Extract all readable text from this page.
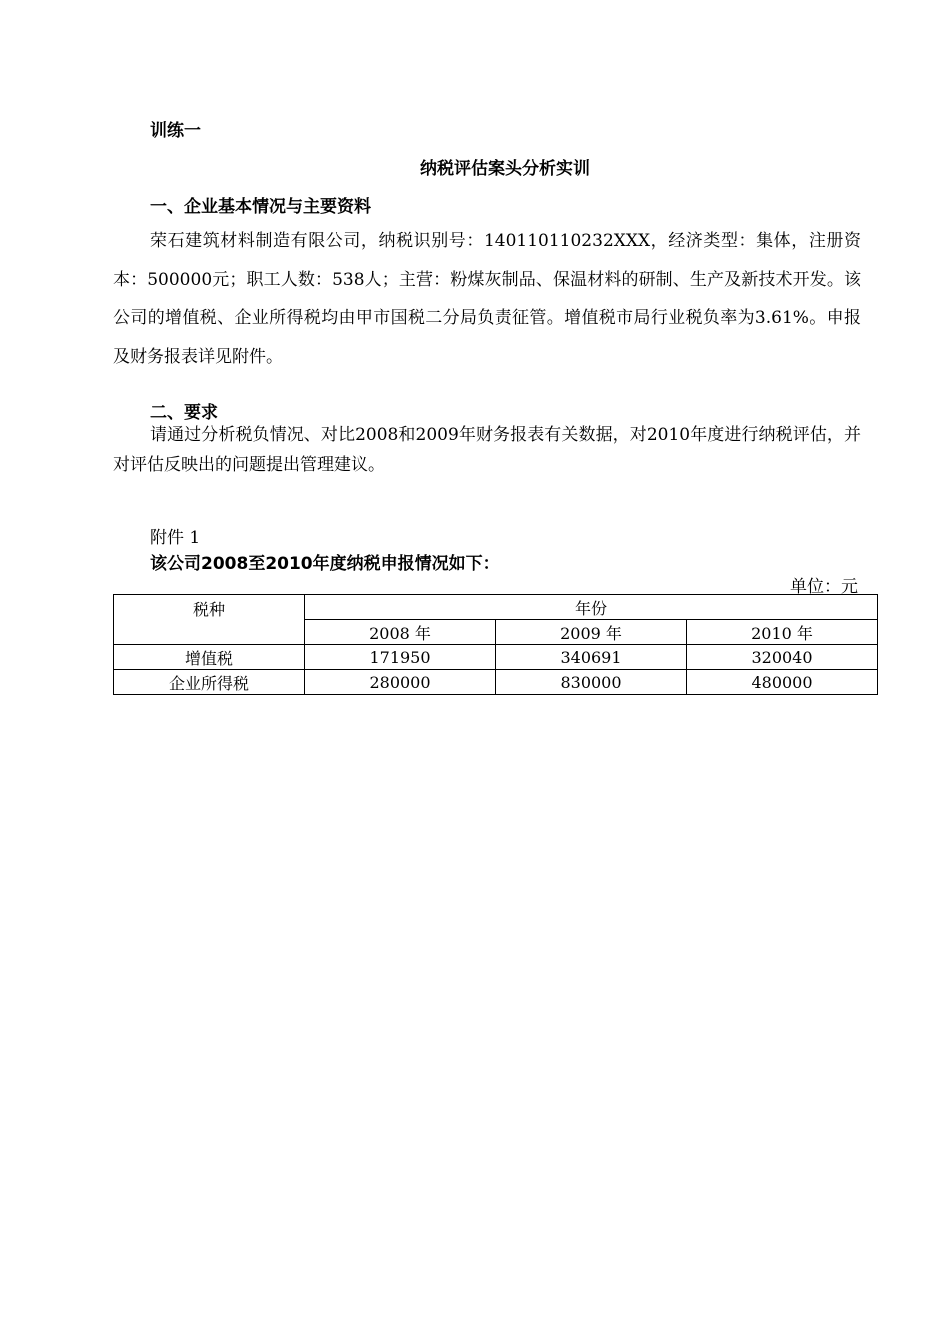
训练一
纳税评估案头分析实训
一、企业基本情况与主要资料

荣石建筑材料制造有限公司，纳税识别号：140110110232XXX，经济类型：集体，注册资本：500000元；职工人数：538人；主营：粉煤灰制品、保温材料的研制、生产及新技术开发。该公司的增值税、企业所得税均由甲市国税二分局负责征管。增值税市局行业税负率为3.61%。申报及财务报表详见附件。

二、要求

请通过分析税负情况、对比2008和2009年财务报表有关数据，对2010年度进行纳税评估，并对评估反映出的问题提出管理建议。

附件 1
该公司2008至2010年度纳税申报情况如下：
单位：元
税种	年份		
	2008 年	2009 年	2010 年
增值税	171950	340691	320040
企业所得税	280000	830000	480000
